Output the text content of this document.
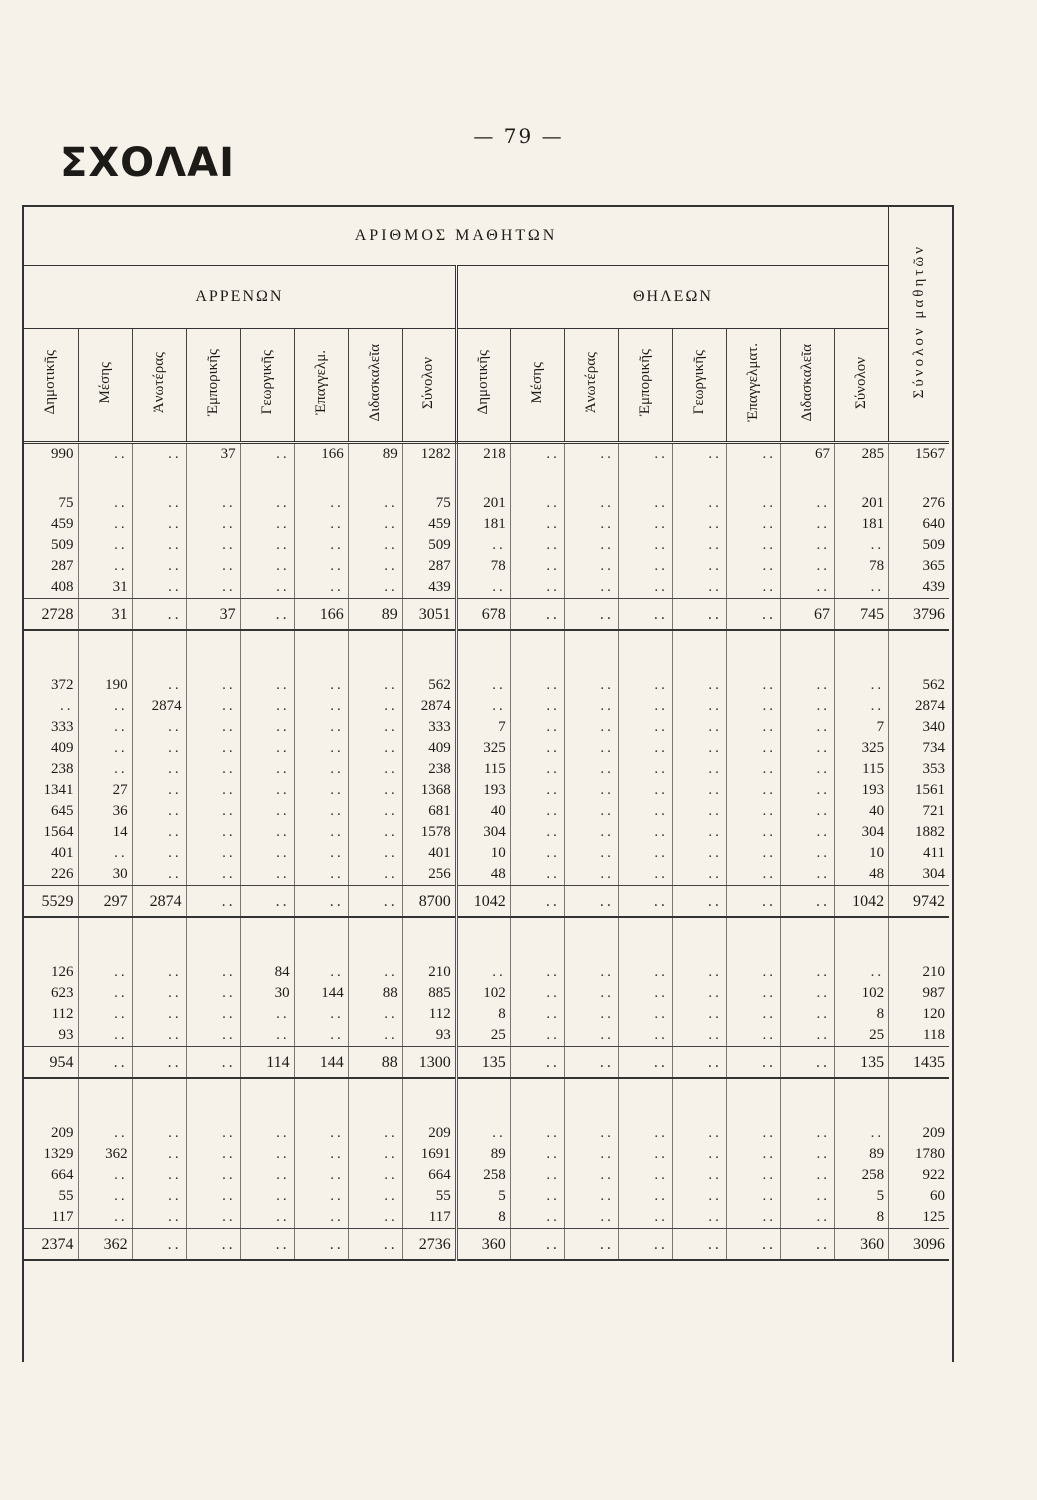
— 79 —
ΣΧΟΛΑΙ
ΑΡΙΘΜΟΣ ΜΑΘΗΤΩΝ																Σύνολον μαθητῶν
ΑΡΡΕΝΩΝ								ΘΗΛΕΩΝ								
Δημοτικῆς	Μέσης	Ἀνωτέρας	Ἐμπορικῆς	Γεωργικῆς	Ἐπαγγελμ.	Διδασκαλεῖα	Σύνολον	Δημοτικῆς	Μέσης	Ἀνωτέρας	Ἐμπορικῆς	Γεωργικῆς	Ἐπαγγελματ.	Διδασκαλεῖα	Σύνολον	
990	..	..	37	..	166	89	1282	218	..	..	..	..	..	67	285	1567

75	..	..	..	..	..	..	75	201	..	..	..	..	..	..	201	276
459	..	..	..	..	..	..	459	181	..	..	..	..	..	..	181	640
509	..	..	..	..	..	..	509	..	..	..	..	..	..	..	..	509
287	..	..	..	..	..	..	287	78	..	..	..	..	..	..	78	365
408	31	..	..	..	..	..	439	..	..	..	..	..	..	..	..	439
2728	31	..	37	..	166	89	3051	678	..	..	..	..	..	67	745	3796

372	190	..	..	..	..	..	562	..	..	..	..	..	..	..	..	562
..	..	2874	..	..	..	..	2874	..	..	..	..	..	..	..	..	2874
333	..	..	..	..	..	..	333	7	..	..	..	..	..	..	7	340
409	..	..	..	..	..	..	409	325	..	..	..	..	..	..	325	734
238	..	..	..	..	..	..	238	115	..	..	..	..	..	..	115	353
1341	27	..	..	..	..	..	1368	193	..	..	..	..	..	..	193	1561
645	36	..	..	..	..	..	681	40	..	..	..	..	..	..	40	721
1564	14	..	..	..	..	..	1578	304	..	..	..	..	..	..	304	1882
401	..	..	..	..	..	..	401	10	..	..	..	..	..	..	10	411
226	30	..	..	..	..	..	256	48	..	..	..	..	..	..	48	304
5529	297	2874	..	..	..	..	8700	1042	..	..	..	..	..	..	1042	9742

126	..	..	..	84	..	..	210	..	..	..	..	..	..	..	..	210
623	..	..	..	30	144	88	885	102	..	..	..	..	..	..	102	987
112	..	..	..	..	..	..	112	8	..	..	..	..	..	..	8	120
93	..	..	..	..	..	..	93	25	..	..	..	..	..	..	25	118
954	..	..	..	114	144	88	1300	135	..	..	..	..	..	..	135	1435

209	..	..	..	..	..	..	209	..	..	..	..	..	..	..	..	209
1329	362	..	..	..	..	..	1691	89	..	..	..	..	..	..	89	1780
664	..	..	..	..	..	..	664	258	..	..	..	..	..	..	258	922
55	..	..	..	..	..	..	55	5	..	..	..	..	..	..	5	60
117	..	..	..	..	..	..	117	8	..	..	..	..	..	..	8	125
2374	362	..	..	..	..	..	2736	360	..	..	..	..	..	..	360	3096
